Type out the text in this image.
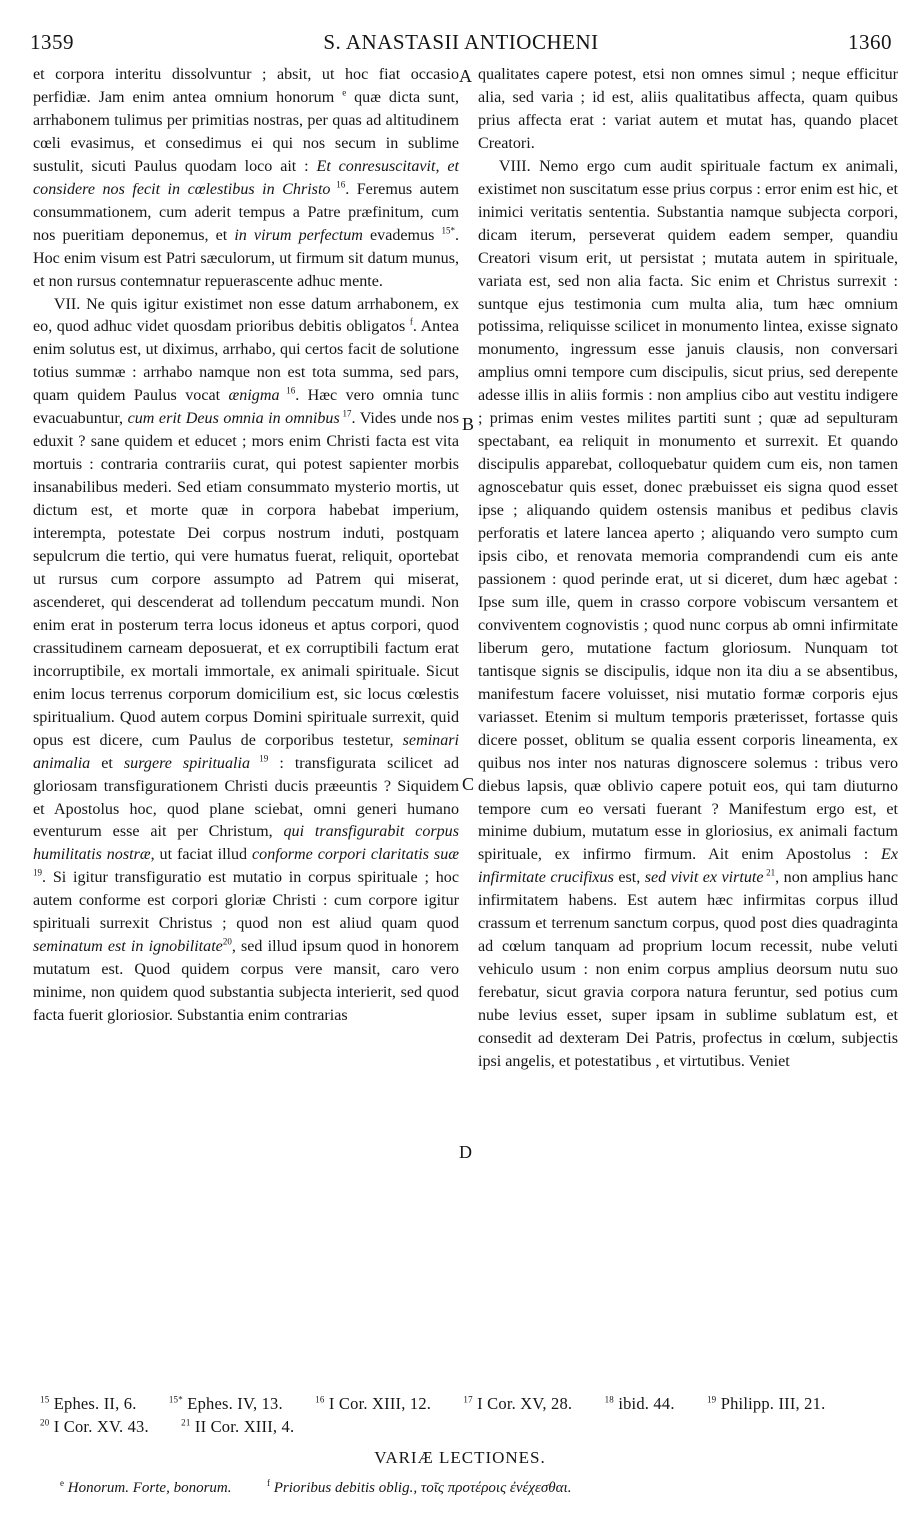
1359	S. ANASTASII ANTIOCHENI	1360
A
B
C
D

et corpora interitu dissolvuntur ; absit, ut hoc fiat occasio perfidiæ. Jam enim antea omnium honorum $^e$ quæ dicta sunt, arrhabonem tulimus per primitias nostras, per quas ad altitudinem cœli evasimus, et consedimus ei qui nos secum in sublime sustulit, sicuti Paulus quodam loco ait : Et conresuscitavit, et considere nos fecit in cœlestibus in Christo $^{16}$. Feremus autem consummationem, cum aderit tempus a Patre præfinitum, cum nos pueritiam deponemus, et in virum perfectum evademus $^{15*}$. Hoc enim visum est Patri sæculorum, ut firmum sit datum munus, et non rursus contemnatur repuerascente adhuc mente.

VII. Ne quis igitur existimet non esse datum arrhabonem, ex eo, quod adhuc videt quosdam prioribus debitis obligatos $^f$. Antea enim solutus est, ut diximus, arrhabo, qui certos facit de solutione totius summæ : arrhabo namque non est tota summa, sed pars, quam quidem Paulus vocat ænigma $^{16}$. Hæc vero omnia tunc evacuabuntur, cum erit Deus omnia in omnibus $^{17}$. Vides unde nos eduxit ? sane quidem et educet ; mors enim Christi facta est vita mortuis : contraria contrariis curat, qui potest sapienter morbis insanabilibus mederi. Sed etiam consummato mysterio mortis, ut dictum est, et morte quæ in corpora habebat imperium, interempta, potestate Dei corpus nostrum induti, postquam sepulcrum die tertio, qui vere humatus fuerat, reliquit, oportebat ut rursus cum corpore assumpto ad Patrem qui miserat, ascenderet, qui descenderat ad tollendum peccatum mundi. Non enim erat in posterum terra locus idoneus et aptus corpori, quod crassitudinem carneam deposuerat, et ex corruptibili factum erat incorruptibile, ex mortali immortale, ex animali spirituale. Sicut enim locus terrenus corporum domicilium est, sic locus cœlestis spiritualium. Quod autem corpus Domini spirituale surrexit, quid opus est dicere, cum Paulus de corporibus testetur, seminari animalia et surgere spiritualia $^{19}$ : transfigurata scilicet ad gloriosam transfigurationem Christi ducis præeuntis ? Siquidem et Apostolus hoc, quod plane sciebat, omni generi humano eventurum esse ait per Christum, qui transfigurabit corpus humilitatis nostræ, ut faciat illud conforme corpori claritatis suæ $^{19}$. Si igitur transfiguratio est mutatio in corpus spirituale ; hoc autem conforme est corpori gloriæ Christi : cum corpore igitur spirituali surrexit Christus ; quod non est aliud quam quod seminatum est in ignobilitate$^{20}$, sed illud ipsum quod in honorem mutatum est. Quod quidem corpus vere mansit, caro vero minime, non quidem quod substantia subjecta interierit, sed quod facta fuerit gloriosior. Substantia enim contrarias

qualitates capere potest, etsi non omnes simul ; neque efficitur alia, sed varia ; id est, aliis qualitatibus affecta, quam quibus prius affecta erat : variat autem et mutat has, quando placet Creatori.

VIII. Nemo ergo cum audit spirituale factum ex animali, existimet non suscitatum esse prius corpus : error enim est hic, et inimici veritatis sententia. Substantia namque subjecta corpori, dicam iterum, perseverat quidem eadem semper, quandiu Creatori visum erit, ut persistat ; mutata autem in spirituale, variata est, sed non alia facta. Sic enim et Christus surrexit : suntque ejus testimonia cum multa alia, tum hæc omnium potissima, reliquisse scilicet in monumento lintea, exisse signato monumento, ingressum esse januis clausis, non conversari amplius omni tempore cum discipulis, sicut prius, sed derepente adesse illis in aliis formis : non amplius cibo aut vestitu indigere ; primas enim vestes milites partiti sunt ; quæ ad sepulturam spectabant, ea reliquit in monumento et surrexit. Et quando discipulis apparebat, colloquebatur quidem cum eis, non tamen agnoscebatur quis esset, donec præbuisset eis signa quod esset ipse ; aliquando quidem ostensis manibus et pedibus clavis perforatis et latere lancea aperto ; aliquando vero sumpto cum ipsis cibo, et renovata memoria comprandendi cum eis ante passionem : quod perinde erat, ut si diceret, dum hæc agebat : Ipse sum ille, quem in crasso corpore vobiscum versantem et conviventem cognovistis ; quod nunc corpus ab omni infirmitate liberum gero, mutatione factum gloriosum. Nunquam tot tantisque signis se discipulis, idque non ita diu a se absentibus, manifestum facere voluisset, nisi mutatio formæ corporis ejus variasset. Etenim si multum temporis præterisset, fortasse quis dicere posset, oblitum se qualia essent corporis lineamenta, ex quibus nos inter nos naturas dignoscere solemus : tribus vero diebus lapsis, quæ oblivio capere potuit eos, qui tam diuturno tempore cum eo versati fuerant ? Manifestum ergo est, et minime dubium, mutatum esse in gloriosius, ex animali factum spirituale, ex infirmo firmum. Ait enim Apostolus : Ex infirmitate crucifixus est, sed vivit ex virtute $^{21}$, non amplius hanc infirmitatem habens. Est autem hæc infirmitas corpus illud crassum et terrenum sanctum corpus, quod post dies quadraginta ad cœlum tanquam ad proprium locum recessit, nube veluti vehiculo usum : non enim corpus amplius deorsum nutu suo ferebatur, sicut gravia corpora natura feruntur, sed potius cum nube levius esset, super ipsam in sublime sublatum est, et consedit ad dexteram Dei Patris, profectus in cœlum, subjectis ipsi angelis, et potestatibus , et virtutibus. Veniet

$^{15}$ Ephes. II, 6.	$^{15*}$ Ephes. IV, 13.	$^{16}$ I Cor. XIII, 12.	$^{17}$ I Cor. XV, 28.	$^{18}$ ibid. 44.	$^{19}$ Philipp. III, 21.
$^{20}$ I Cor. XV. 43.	$^{21}$ II Cor. XIII, 4.
VARIÆ LECTIONES.
$^e$ Honorum. Forte, bonorum.	$^f$ Prioribus debitis oblig., τοῖς προτέροις ἐνέχεσθαι.
